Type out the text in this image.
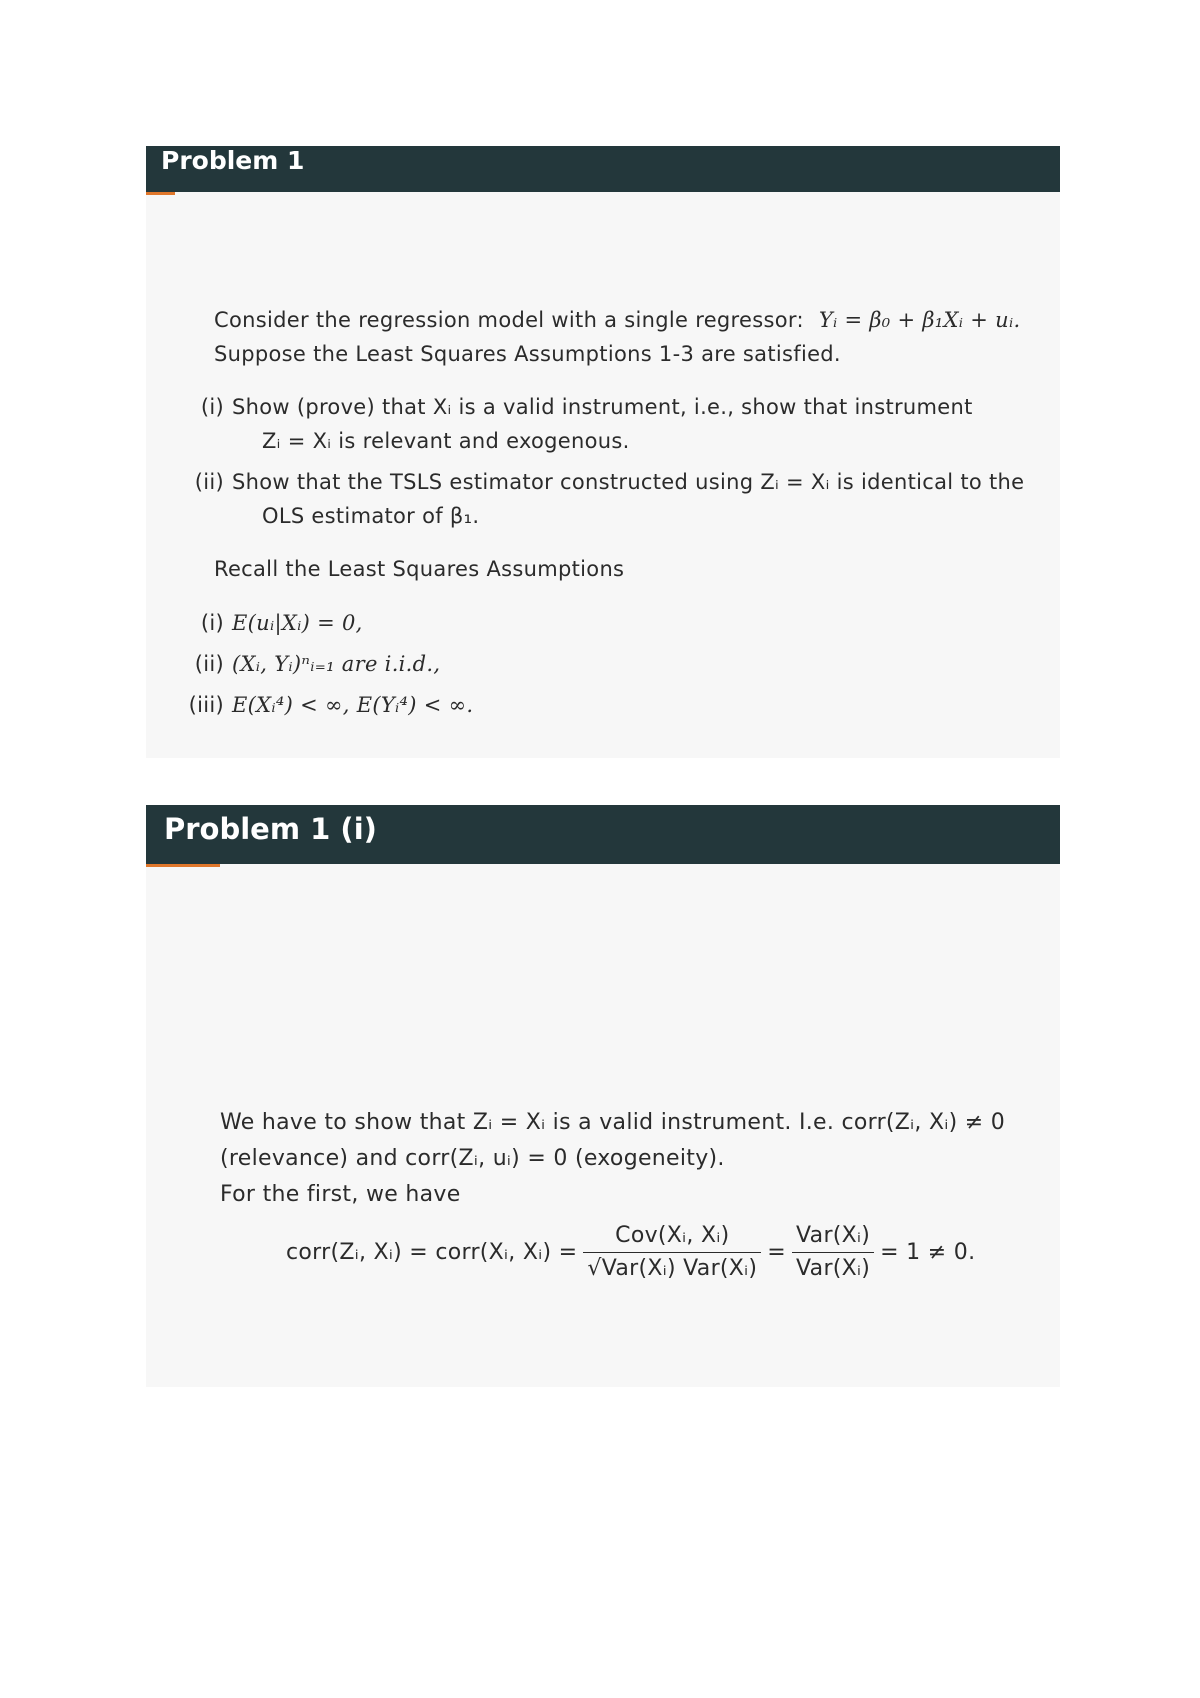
Problem 1
Consider the regression model with a single regressor: Yᵢ = β₀ + β₁Xᵢ + uᵢ.
Suppose the Least Squares Assumptions 1-3 are satisfied.
(i) Show (prove) that Xᵢ is a valid instrument, i.e., show that instrument
Zᵢ = Xᵢ is relevant and exogenous.
(ii) Show that the TSLS estimator constructed using Zᵢ = Xᵢ is identical to the
OLS estimator of β₁.
Recall the Least Squares Assumptions
(i) E(uᵢ|Xᵢ) = 0,
(ii) (Xᵢ, Yᵢ)ⁿᵢ₌₁ are i.i.d.,
(iii) E(Xᵢ⁴) < ∞, E(Yᵢ⁴) < ∞.
Problem 1 (i)
We have to show that Zᵢ = Xᵢ is a valid instrument. I.e. corr(Zᵢ, Xᵢ) ≠ 0
(relevance) and corr(Zᵢ, uᵢ) = 0 (exogeneity).
For the first, we have
corr(Zᵢ, Xᵢ) = corr(Xᵢ, Xᵢ) = $\frac{\text{Cov(Xᵢ, Xᵢ)}}{\text{√Var(Xᵢ) Var(Xᵢ)}} = \frac{\text{Var(Xᵢ)}}{\text{Var(Xᵢ)}} = 1 \ne 0$.
